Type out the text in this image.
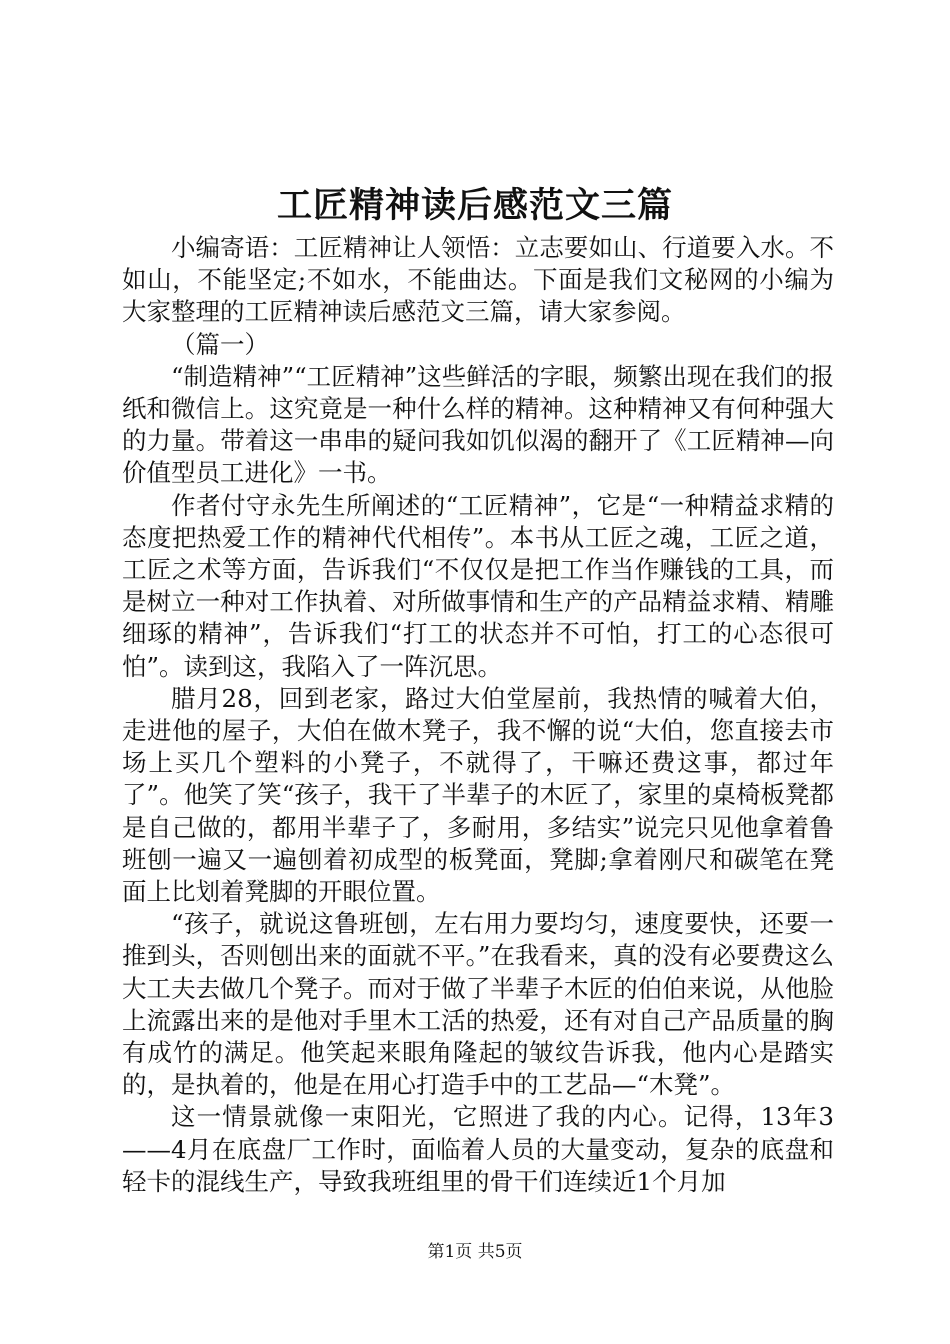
工匠精神读后感范文三篇

小编寄语：工匠精神让人领悟：立志要如山、行道要入水。不如山，不能坚定;不如水，不能曲达。下面是我们文秘网的小编为大家整理的工匠精神读后感范文三篇，请大家参阅。

（篇一）

“制造精神”“工匠精神”这些鲜活的字眼，频繁出现在我们的报纸和微信上。这究竟是一种什么样的精神。这种精神又有何种强大的力量。带着这一串串的疑问我如饥似渴的翻开了《工匠精神—向价值型员工进化》一书。

作者付守永先生所阐述的“工匠精神”，它是“一种精益求精的态度把热爱工作的精神代代相传”。本书从工匠之魂，工匠之道，工匠之术等方面，告诉我们“不仅仅是把工作当作赚钱的工具，而是树立一种对工作执着、对所做事情和生产的产品精益求精、精雕细琢的精神”，告诉我们“打工的状态并不可怕，打工的心态很可怕”。读到这，我陷入了一阵沉思。

腊月28，回到老家，路过大伯堂屋前，我热情的喊着大伯，走进他的屋子，大伯在做木凳子，我不懈的说“大伯，您直接去市场上买几个塑料的小凳子，不就得了，干嘛还费这事，都过年了”。他笑了笑“孩子，我干了半辈子的木匠了，家里的桌椅板凳都是自己做的，都用半辈子了，多耐用，多结实”说完只见他拿着鲁班刨一遍又一遍刨着初成型的板凳面，凳脚;拿着刚尺和碳笔在凳面上比划着凳脚的开眼位置。

“孩子，就说这鲁班刨，左右用力要均匀，速度要快，还要一推到头，否则刨出来的面就不平。”在我看来，真的没有必要费这么大工夫去做几个凳子。而对于做了半辈子木匠的伯伯来说，从他脸上流露出来的是他对手里木工活的热爱，还有对自己产品质量的胸有成竹的满足。他笑起来眼角隆起的皱纹告诉我，他内心是踏实的，是执着的，他是在用心打造手中的工艺品—“木凳”。

这一情景就像一束阳光，它照进了我的内心。记得，13年3——4月在底盘厂工作时，面临着人员的大量变动，复杂的底盘和轻卡的混线生产，导致我班组里的骨干们连续近1个月加

第1页 共5页
